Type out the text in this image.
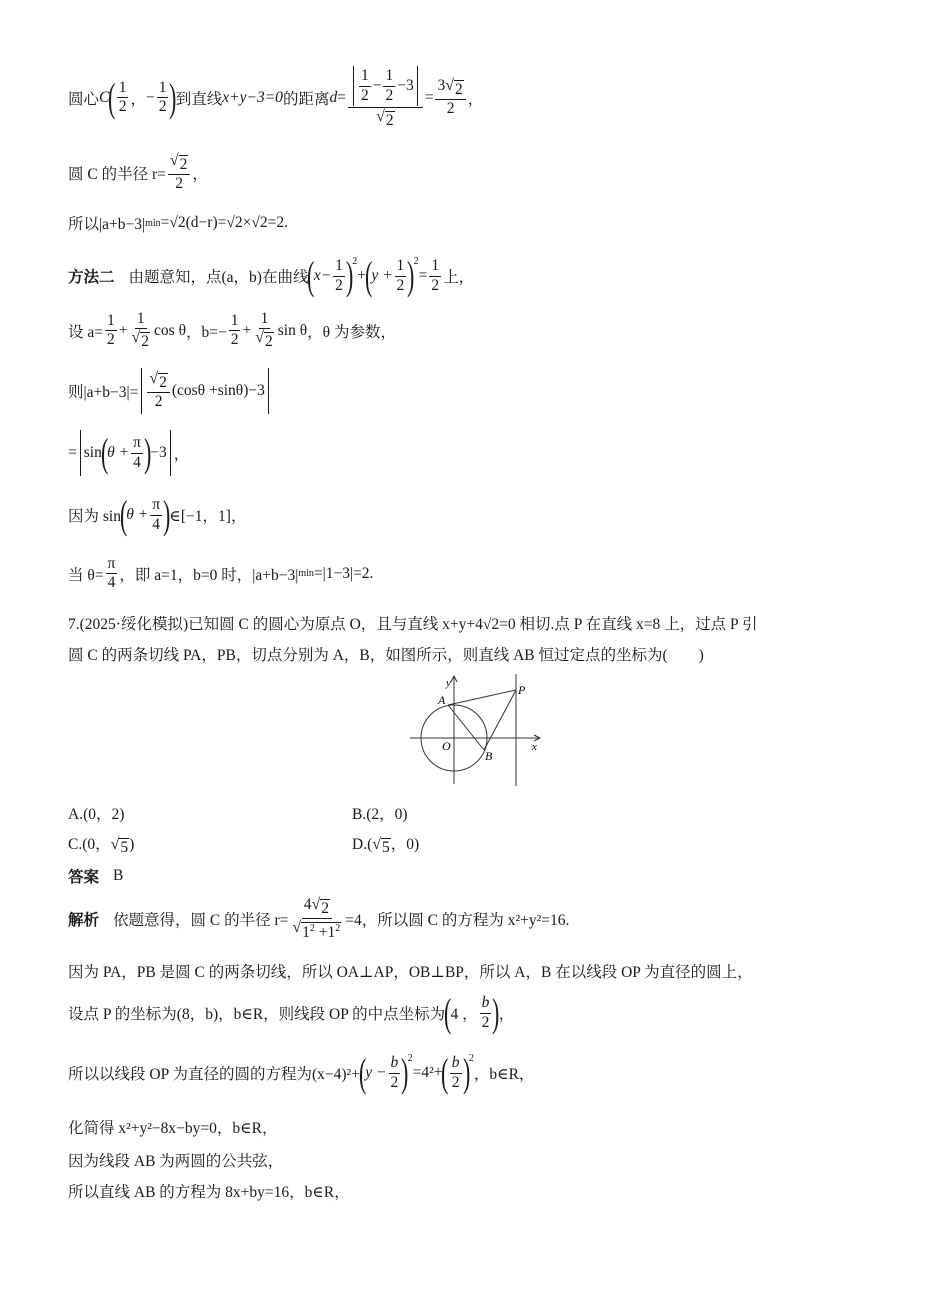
圆心 C
( $\frac{1}{2}$ ， − $\frac{1}{2}$ )
到直线 x+y−3=0 的距离 $d = \frac{\frac{1}{2} - \frac{1}{2} -3}{√ 2} = \frac{3 √ 2}{2}$ ，
圆 C 的半径 $r= \frac{√ 2}{2}$ ，
所以|a+b−3| min =√2(d−r)=√2×√2=2.
方法二 由题意知，点(a，b)在曲线
(
$x- \frac{1}{2}$ )
2
+
(
$y + \frac{1}{2}$ )
2
= $\frac{1}{2}$ 上，
设 $a= \frac{1}{2} + \frac{1}{√ 2}$ cos θ ，$b=- \frac{1}{2} + \frac{1}{√ 2}$ sin θ ，θ 为参数，
则$|a+b-3|= \frac{√ 2}{2} (\cos\theta +\sin\theta)-3$
= sin
(
$\theta + \frac{\pi}{4}$ )
−3 ，
因为 sin
(
$\theta + \frac{\pi}{4}$ )
∈[−1，1]，
当 $\theta= \frac{\pi}{4}$ ，即 a=1，b=0 时，|a+b−3| min =|1−3|=2.
7.(2025·绥化模拟)已知圆 C 的圆心为原点 O，且与直线 x+y+4√2=0 相切.点 P 在直线 x=8 上，过点 P 引
圆 C 的两条切线 PA，PB，切点分别为 A，B，如图所示，则直线 AB 恒过定点的坐标为(　　)
y
x
O
A
B
P
A.(0，2)	B.(2，0)
C.(0， √ 5 )	D.( √ 5 ，0)
答案 B
解析 依题意得，圆 C 的半径 $r= \frac{4 √ 2}{√ 1^2 +1^2} =4$，所以圆 C 的方程为 x²+y²=16.
因为 PA，PB 是圆 C 的两条切线，所以 OA⊥AP，OB⊥BP，所以 A，B 在以线段 OP 为直径的圆上，
设点 P 的坐标为(8，b)，b∈R，则线段 OP 的中点坐标为
(
4 ， $\frac{b}{2}$ )
，
所以以线段 OP 为直径的圆的方程为(x−4)²+
(
$y - \frac{b}{2}$ )
2
=4²+
( $\frac{b}{2}$ )
2
，b∈R，
化简得 x²+y²−8x−by=0，b∈R，
因为线段 AB 为两圆的公共弦，
所以直线 AB 的方程为 8x+by=16，b∈R，
